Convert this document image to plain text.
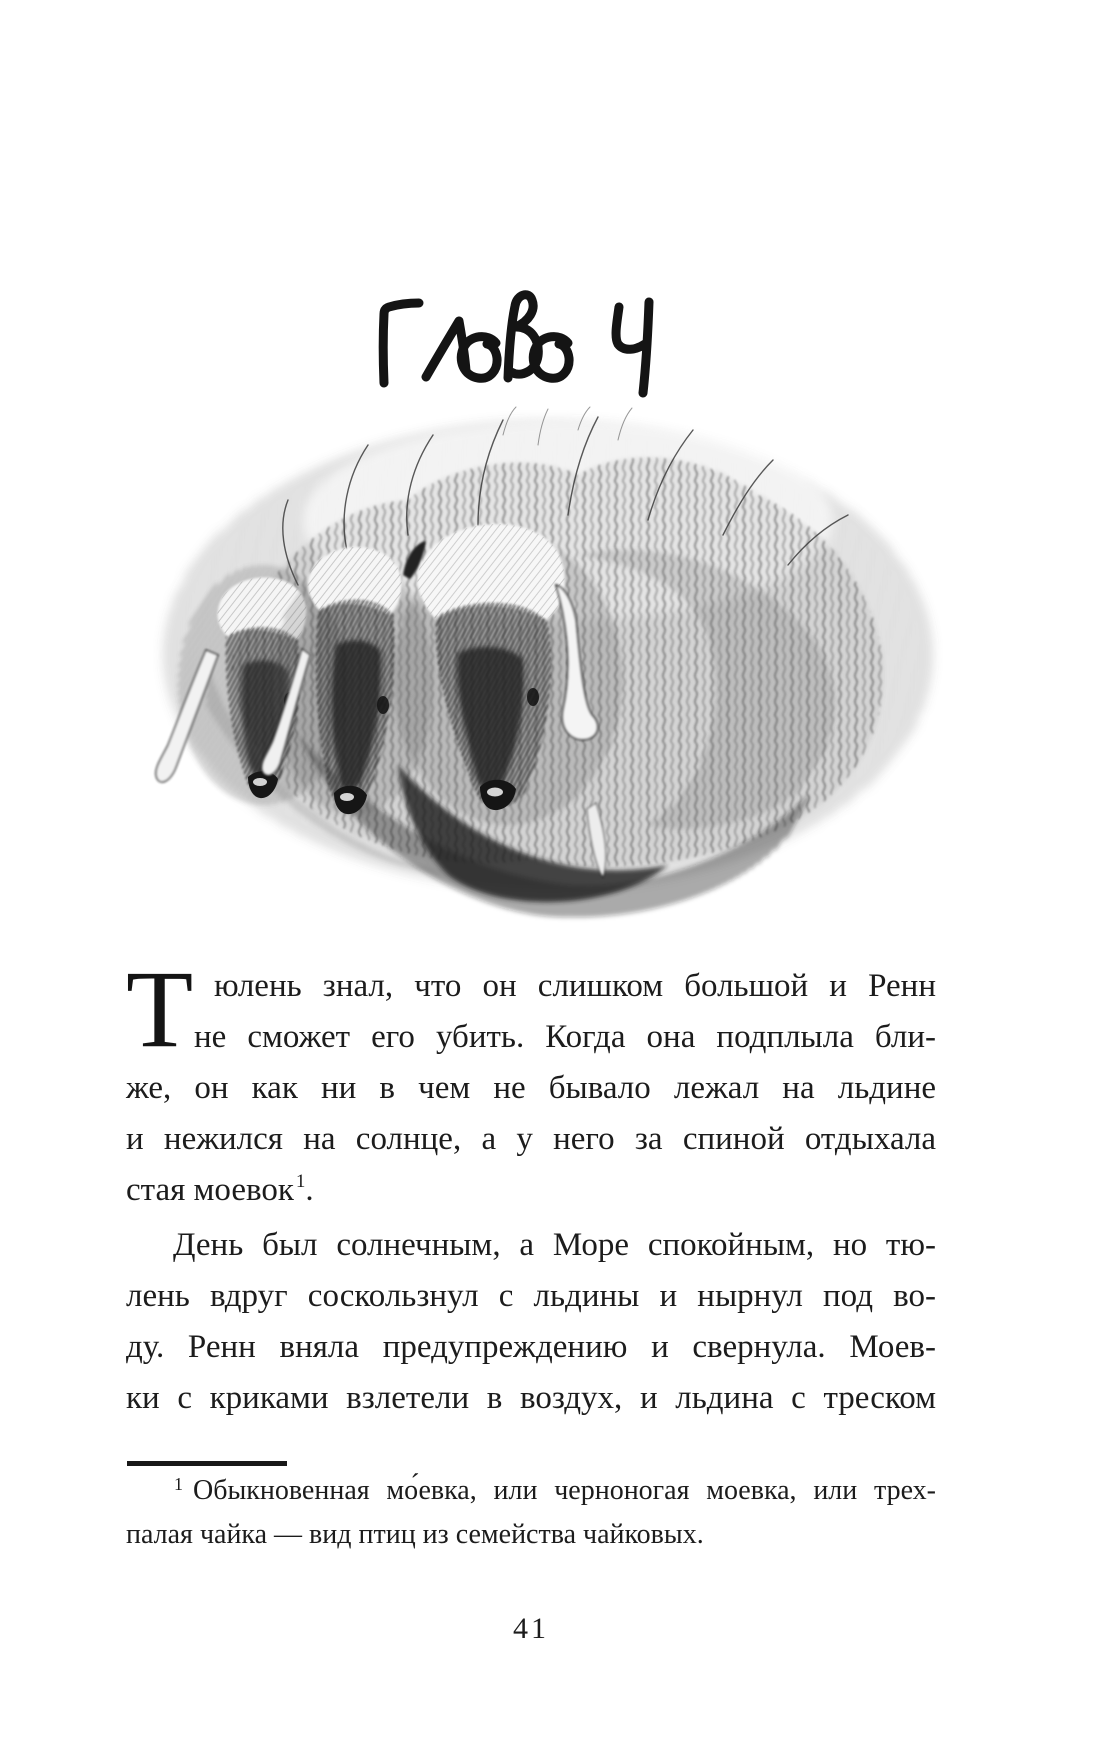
Т юлень знал, что он слишком большой и Ренн
не сможет его убить. Когда она подплыла бли-
же, он как ни в чем не бывало лежал на льдине
и нежился на солнце, а у него за спиной отдыхала
стая моевок $^1$.
День был солнечным, а Море спокойным, но тю-
лень вдруг соскользнул с льдины и нырнул под во-
ду. Ренн вняла предупреждению и свернула. Моев-
ки с криками взлетели в воздух, и льдина с треском
$^1$ Обыкновенная мо́евка, или черноногая моевка, или трех-
палая чайка — вид птиц из семейства чайковых.
41
